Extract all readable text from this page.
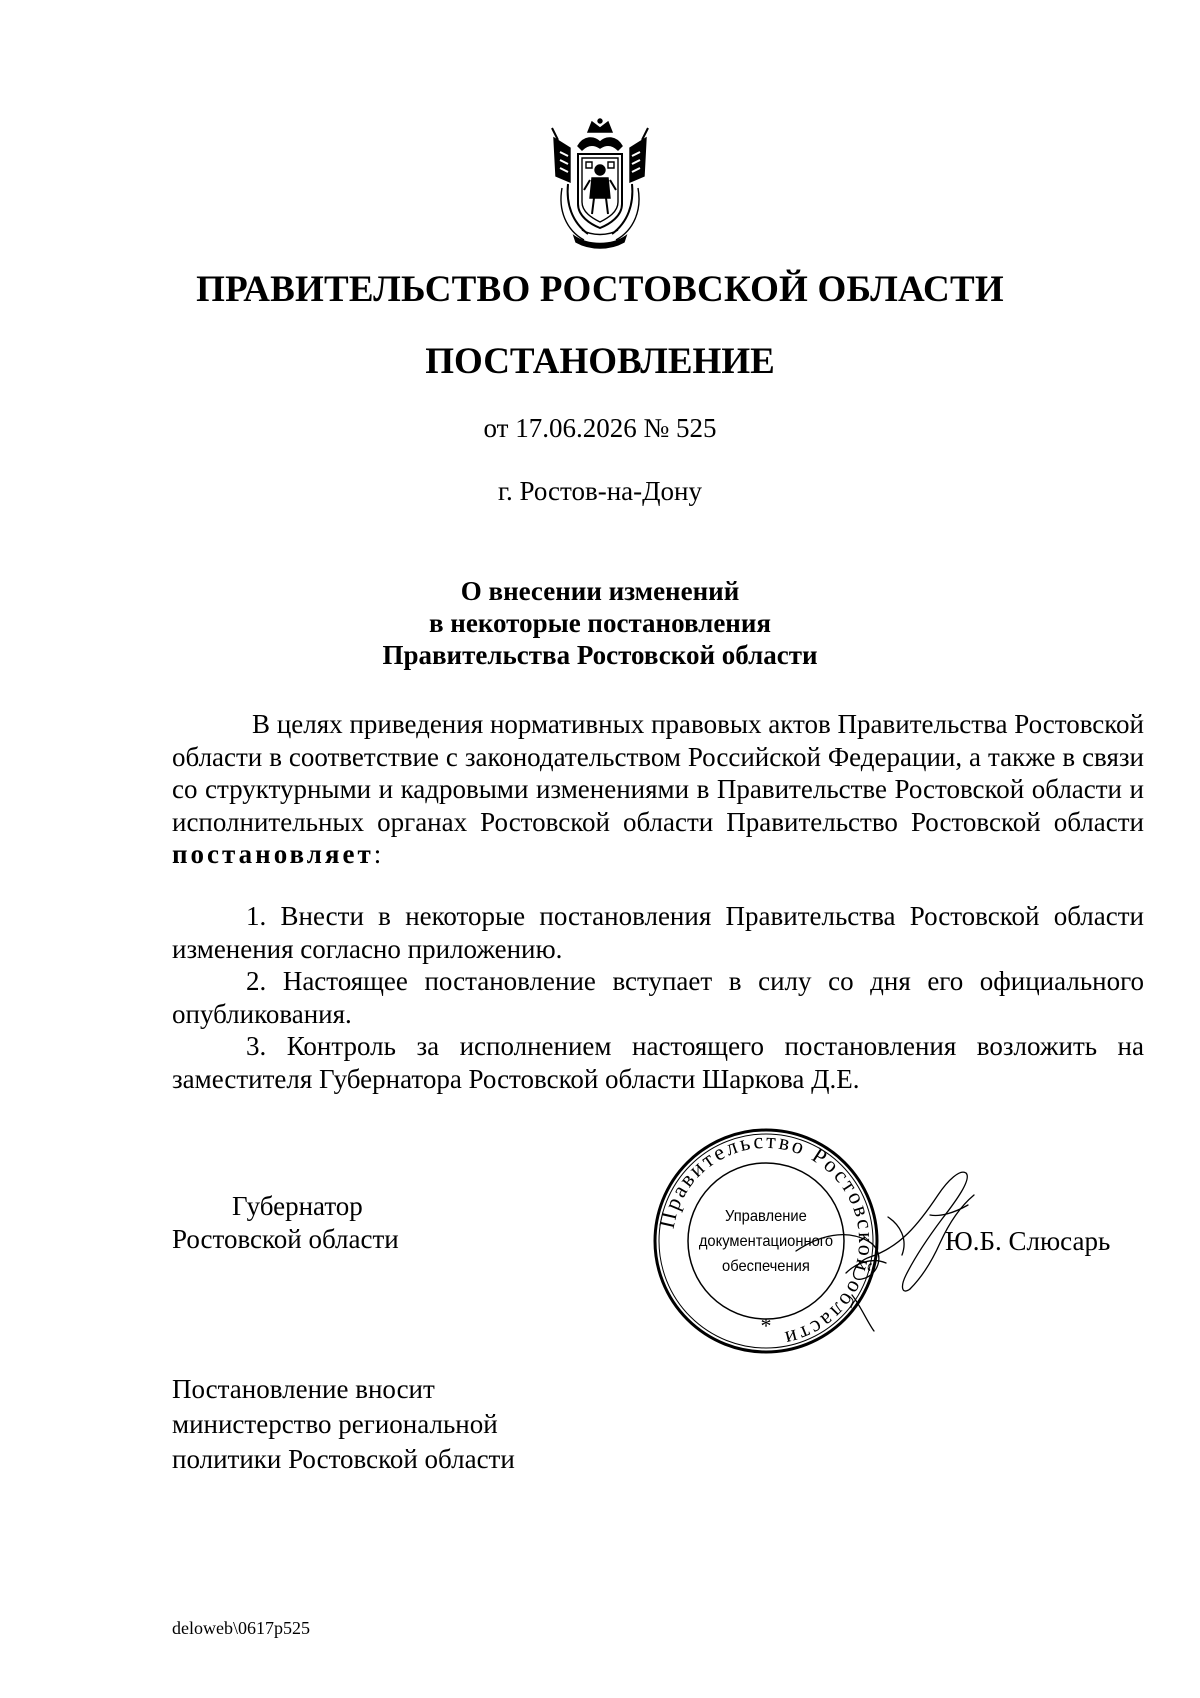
ПРАВИТЕЛЬСТВО РОСТОВСКОЙ ОБЛАСТИ
ПОСТАНОВЛЕНИЕ
от 17.06.2026 № 525
г. Ростов-на-Дону
О внесении изменений
в некоторые постановления
Правительства Ростовской области
В целях приведения нормативных правовых актов Правительства Ростовской области в соответствие с законодательством Российской Федерации, а также в связи со структурными и кадровыми изменениями в Правительстве Ростовской области и исполнительных органах Ростовской области Правительство Ростовской области постановляет:

1. Внести в некоторые постановления Правительства Ростовской области изменения согласно приложению.

2. Настоящее постановление вступает в силу со дня его официального опубликования.

3. Контроль за исполнением настоящего постановления возложить на заместителя Губернатора Ростовской области Шаркова Д.Е.

Губернатор
Ростовской области
Правительство Ростовской области
Управление
документационного
обеспечения
*
Ю.Б. Слюсарь
Постановление вносит
министерство региональной
политики Ростовской области
deloweb\0617p525
